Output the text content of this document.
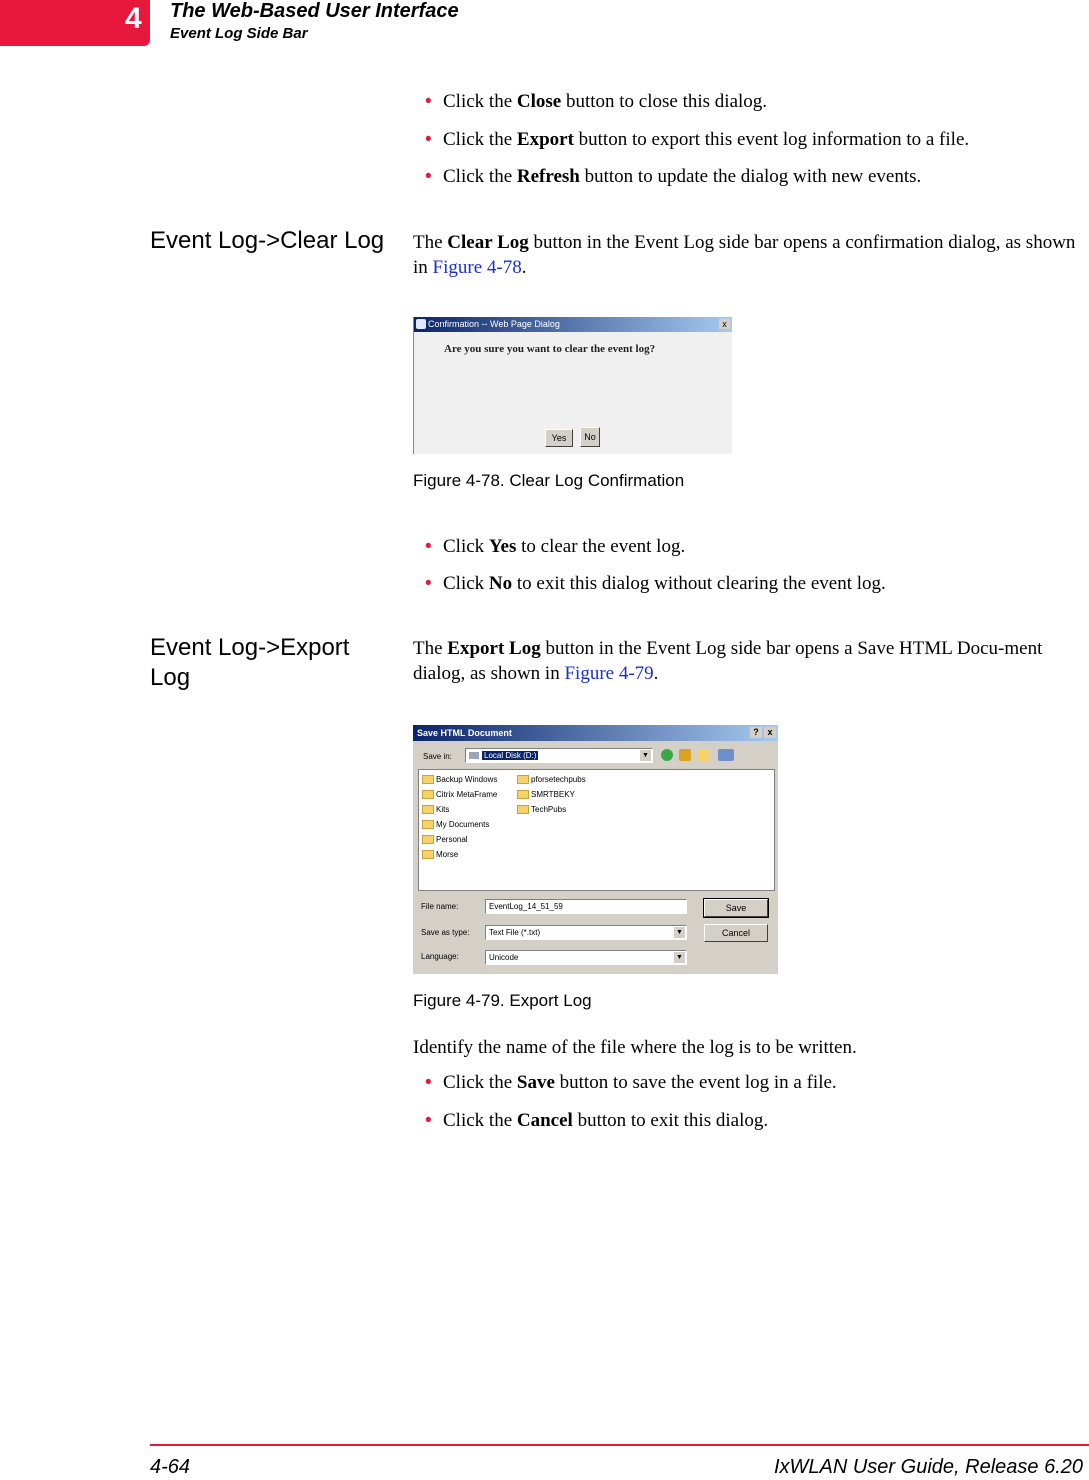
4 The Web-Based User Interface
Event Log Side Bar
• Click the Close button to close this dialog.
• Click the Export button to export this event log information to a file.
• Click the Refresh button to update the dialog with new events.
Event Log->Clear Log	The Clear Log button in the Event Log side bar opens a confirmation dialog, as shown in Figure 4-78.
Confirmation -- Web Page Dialog	x
Are you sure you want to clear the event log?
Yes	No
Figure 4-78. Clear Log Confirmation
• Click Yes to clear the event log.
• Click No to exit this dialog without clearing the event log.
Event Log->Export Log
The Export Log button in the Event Log side bar opens a Save HTML Docu-ment dialog, as shown in Figure 4-79.
Save HTML Document	? x
Save in:	Local Disk (D:)	▼
Backup Windows
Citrix MetaFrame
Kits
My Documents
Personal
Morse
pforsetechpubs
SMRTBEKY
TechPubs
File name:	EventLog_14_51_59
Save as type:	Text File (*.txt)	▼
Language:	Unicode	▼
Save
Cancel
Figure 4-79. Export Log
Identify the name of the file where the log is to be written.
• Click the Save button to save the event log in a file.
• Click the Cancel button to exit this dialog.
4-64	IxWLAN User Guide, Release 6.20
